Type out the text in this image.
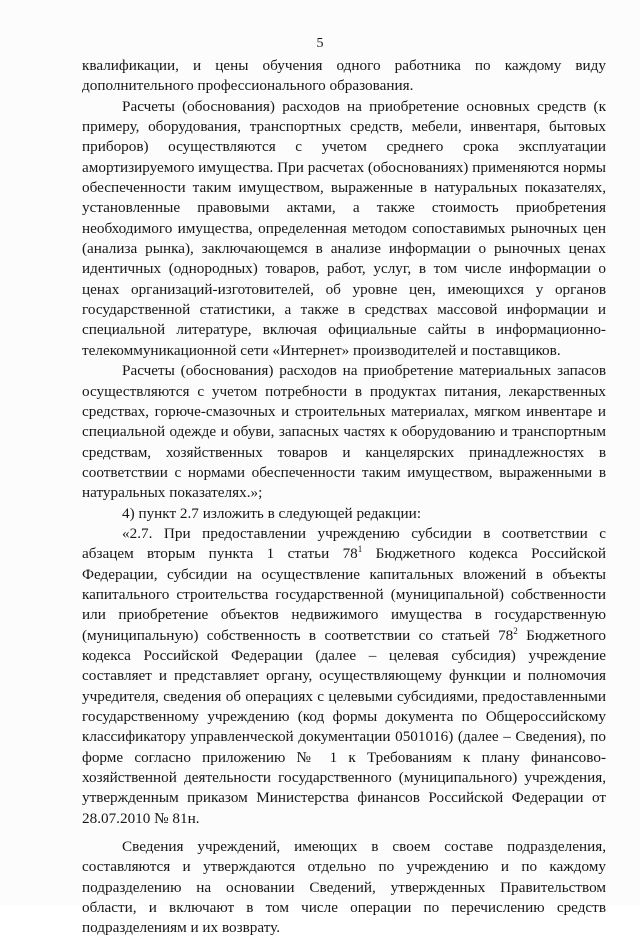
5

квалификации, и цены обучения одного работника по каждому виду дополнительного профессионального образования.

Расчеты (обоснования) расходов на приобретение основных средств (к примеру, оборудования, транспортных средств, мебели, инвентаря, бытовых приборов) осуществляются с учетом среднего срока эксплуатации амортизируемого имущества. При расчетах (обоснованиях) применяются нормы обеспеченности таким имуществом, выраженные в натуральных показателях, установленные правовыми актами, а также стоимость приобретения необходимого имущества, определенная методом сопоставимых рыночных цен (анализа рынка), заключающемся в анализе информации о рыночных ценах идентичных (однородных) товаров, работ, услуг, в том числе информации о ценах организаций-изготовителей, об уровне цен, имеющихся у органов государственной статистики, а также в средствах массовой информации и специальной литературе, включая официальные сайты в информационно-телекоммуникационной сети «Интернет» производителей и поставщиков.

Расчеты (обоснования) расходов на приобретение материальных запасов осуществляются с учетом потребности в продуктах питания, лекарственных средствах, горюче-смазочных и строительных материалах, мягком инвентаре и специальной одежде и обуви, запасных частях к оборудованию и транспортным средствам, хозяйственных товаров и канцелярских принадлежностях в соответствии с нормами обеспеченности таким имуществом, выраженными в натуральных показателях.»;

4) пункт 2.7 изложить в следующей редакции:

«2.7. При предоставлении учреждению субсидии в соответствии с абзацем вторым пункта 1 статьи $78^1$ Бюджетного кодекса Российской Федерации, субсидии на осуществление капитальных вложений в объекты капитального строительства государственной (муниципальной) собственности или приобретение объектов недвижимого имущества в государственную (муниципальную) собственность в соответствии со статьей $78^2$ Бюджетного кодекса Российской Федерации (далее – целевая субсидия) учреждение составляет и представляет органу, осуществляющему функции и полномочия учредителя, сведения об операциях с целевыми субсидиями, предоставленными государственному учреждению (код формы документа по Общероссийскому классификатору управленческой документации 0501016) (далее – Сведения), по форме согласно приложению № 1 к Требованиям к плану финансово-хозяйственной деятельности государственного (муниципального) учреждения, утвержденным приказом Министерства финансов Российской Федерации от 28.07.2010 № 81н.

Сведения учреждений, имеющих в своем составе подразделения, составляются и утверждаются отдельно по учреждению и по каждому подразделению на основании Сведений, утвержденных Правительством области, и включают в том числе операции по перечислению средств подразделениям и их возврату.
